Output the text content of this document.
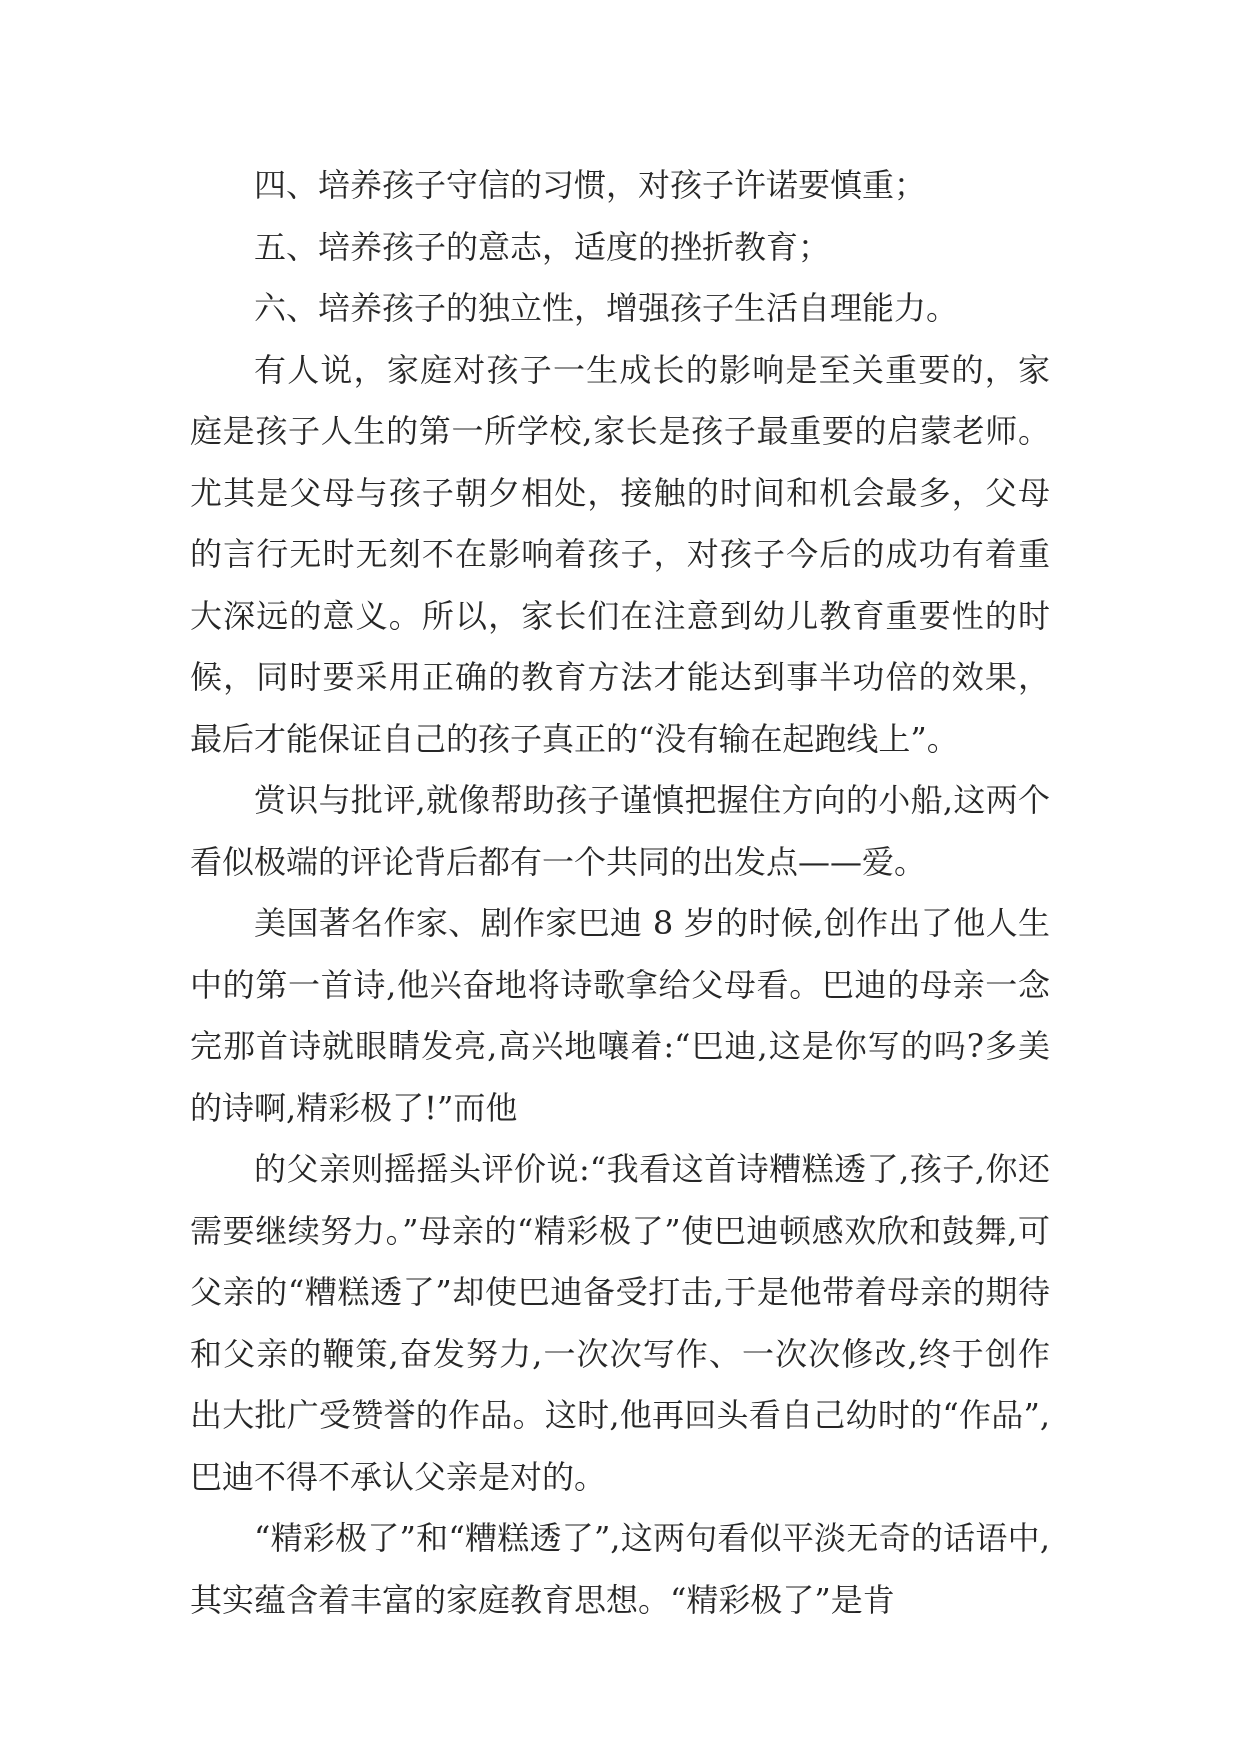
四、培养孩子守信的习惯，对孩子许诺要慎重；

五、培养孩子的意志，适度的挫折教育；

六、培养孩子的独立性，增强孩子生活自理能力。

有人说，家庭对孩子一生成长的影响是至关重要的，家庭是孩子人生的第一所学校,家长是孩子最重要的启蒙老师。尤其是父母与孩子朝夕相处，接触的时间和机会最多，父母的言行无时无刻不在影响着孩子，对孩子今后的成功有着重大深远的意义。所以，家长们在注意到幼儿教育重要性的时候，同时要采用正确的教育方法才能达到事半功倍的效果，最后才能保证自己的孩子真正的“没有输在起跑线上”。

赏识与批评,就像帮助孩子谨慎把握住方向的小船,这两个看似极端的评论背后都有一个共同的出发点——爱。

美国著名作家、剧作家巴迪 8 岁的时候,创作出了他人生中的第一首诗,他兴奋地将诗歌拿给父母看。巴迪的母亲一念完那首诗就眼睛发亮,高兴地嚷着:“巴迪,这是你写的吗?多美的诗啊,精彩极了!”而他

的父亲则摇摇头评价说:“我看这首诗糟糕透了,孩子,你还需要继续努力。”母亲的“精彩极了”使巴迪顿感欢欣和鼓舞,可父亲的“糟糕透了”却使巴迪备受打击,于是他带着母亲的期待和父亲的鞭策,奋发努力,一次次写作、一次次修改,终于创作出大批广受赞誉的作品。这时,他再回头看自己幼时的“作品”,巴迪不得不承认父亲是对的。

“精彩极了”和“糟糕透了”,这两句看似平淡无奇的话语中,其实蕴含着丰富的家庭教育思想。“精彩极了”是肯
